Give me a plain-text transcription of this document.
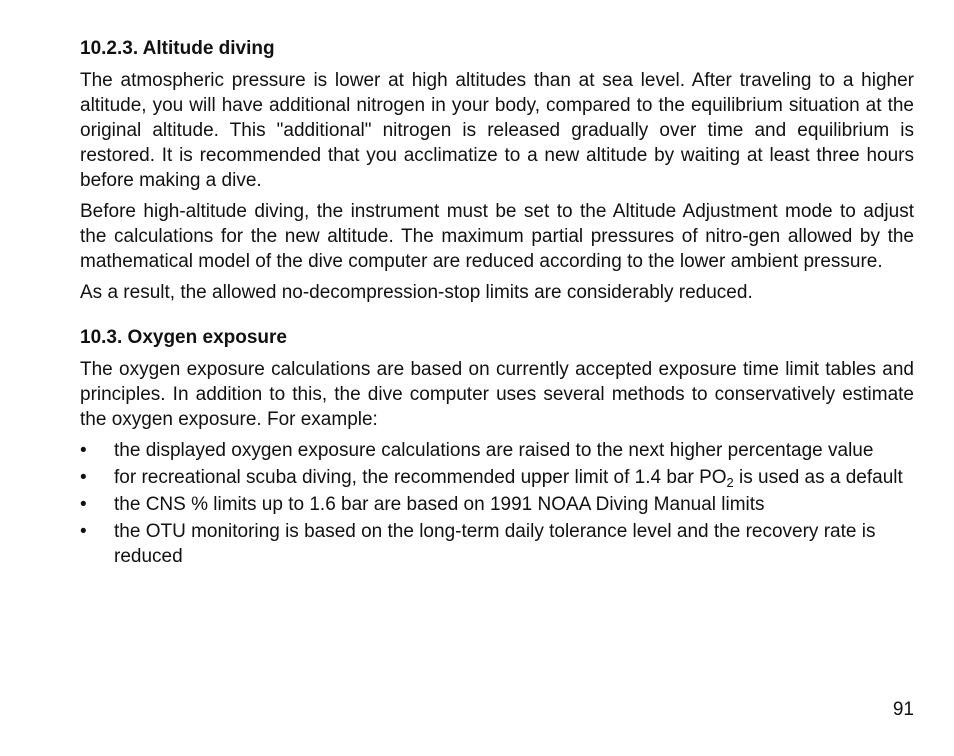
10.2.3. Altitude diving

The atmospheric pressure is lower at high altitudes than at sea level. After traveling to a higher altitude, you will have additional nitrogen in your body, compared to the equilibrium situation at the original altitude. This "additional" nitrogen is released gradually over time and equilibrium is restored. It is recommended that you acclimatize to a new altitude by waiting at least three hours before making a dive.

Before high-altitude diving, the instrument must be set to the Altitude Adjustment mode to adjust the calculations for the new altitude. The maximum partial pressures of nitro-gen allowed by the mathematical model of the dive computer are reduced according to the lower ambient pressure.

As a result, the allowed no-decompression-stop limits are considerably reduced.

10.3. Oxygen exposure

The oxygen exposure calculations are based on currently accepted exposure time limit tables and principles. In addition to this, the dive computer uses several methods to conservatively estimate the oxygen exposure. For example:

• the displayed oxygen exposure calculations are raised to the next higher percentage value
• for recreational scuba diving, the recommended upper limit of 1.4 bar $PO_2$ is used as a default
• the CNS % limits up to 1.6 bar are based on 1991 NOAA Diving Manual limits
• the OTU monitoring is based on the long-term daily tolerance level and the recovery rate is reduced
91
